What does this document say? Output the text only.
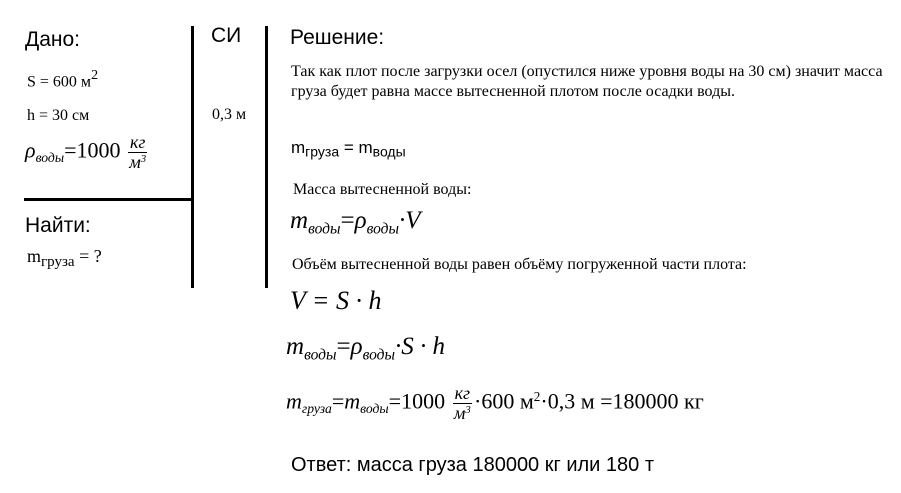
Дано:
S = 600 $м^2$
h = 30 см
$\rho_{воды}=1000 \frac{кг}{м^3}$
Найти:
$m_{груза}$ = ?
СИ
0,3 м
Решение:
Так как плот после загрузки осел (опустился ниже уровня воды на 30 см) значит масса груза будет равна массе вытесненной плотом после осадки воды.
$m_{груза} = m_{воды}$
Масса вытесненной воды:
$m_{воды}=\rho_{воды}\cdot V$
Объём вытесненной воды равен объёму погруженной части плота:
V = S · h
$m_{воды}=\rho_{воды}\cdot S \cdot h$
$m_{груза}=m_{воды}=1000 \frac{кг}{м^3} \cdot 600$ $м^2\cdot 0,3$ м =180000 кг
Ответ: масса груза 180000 кг или 180 т
